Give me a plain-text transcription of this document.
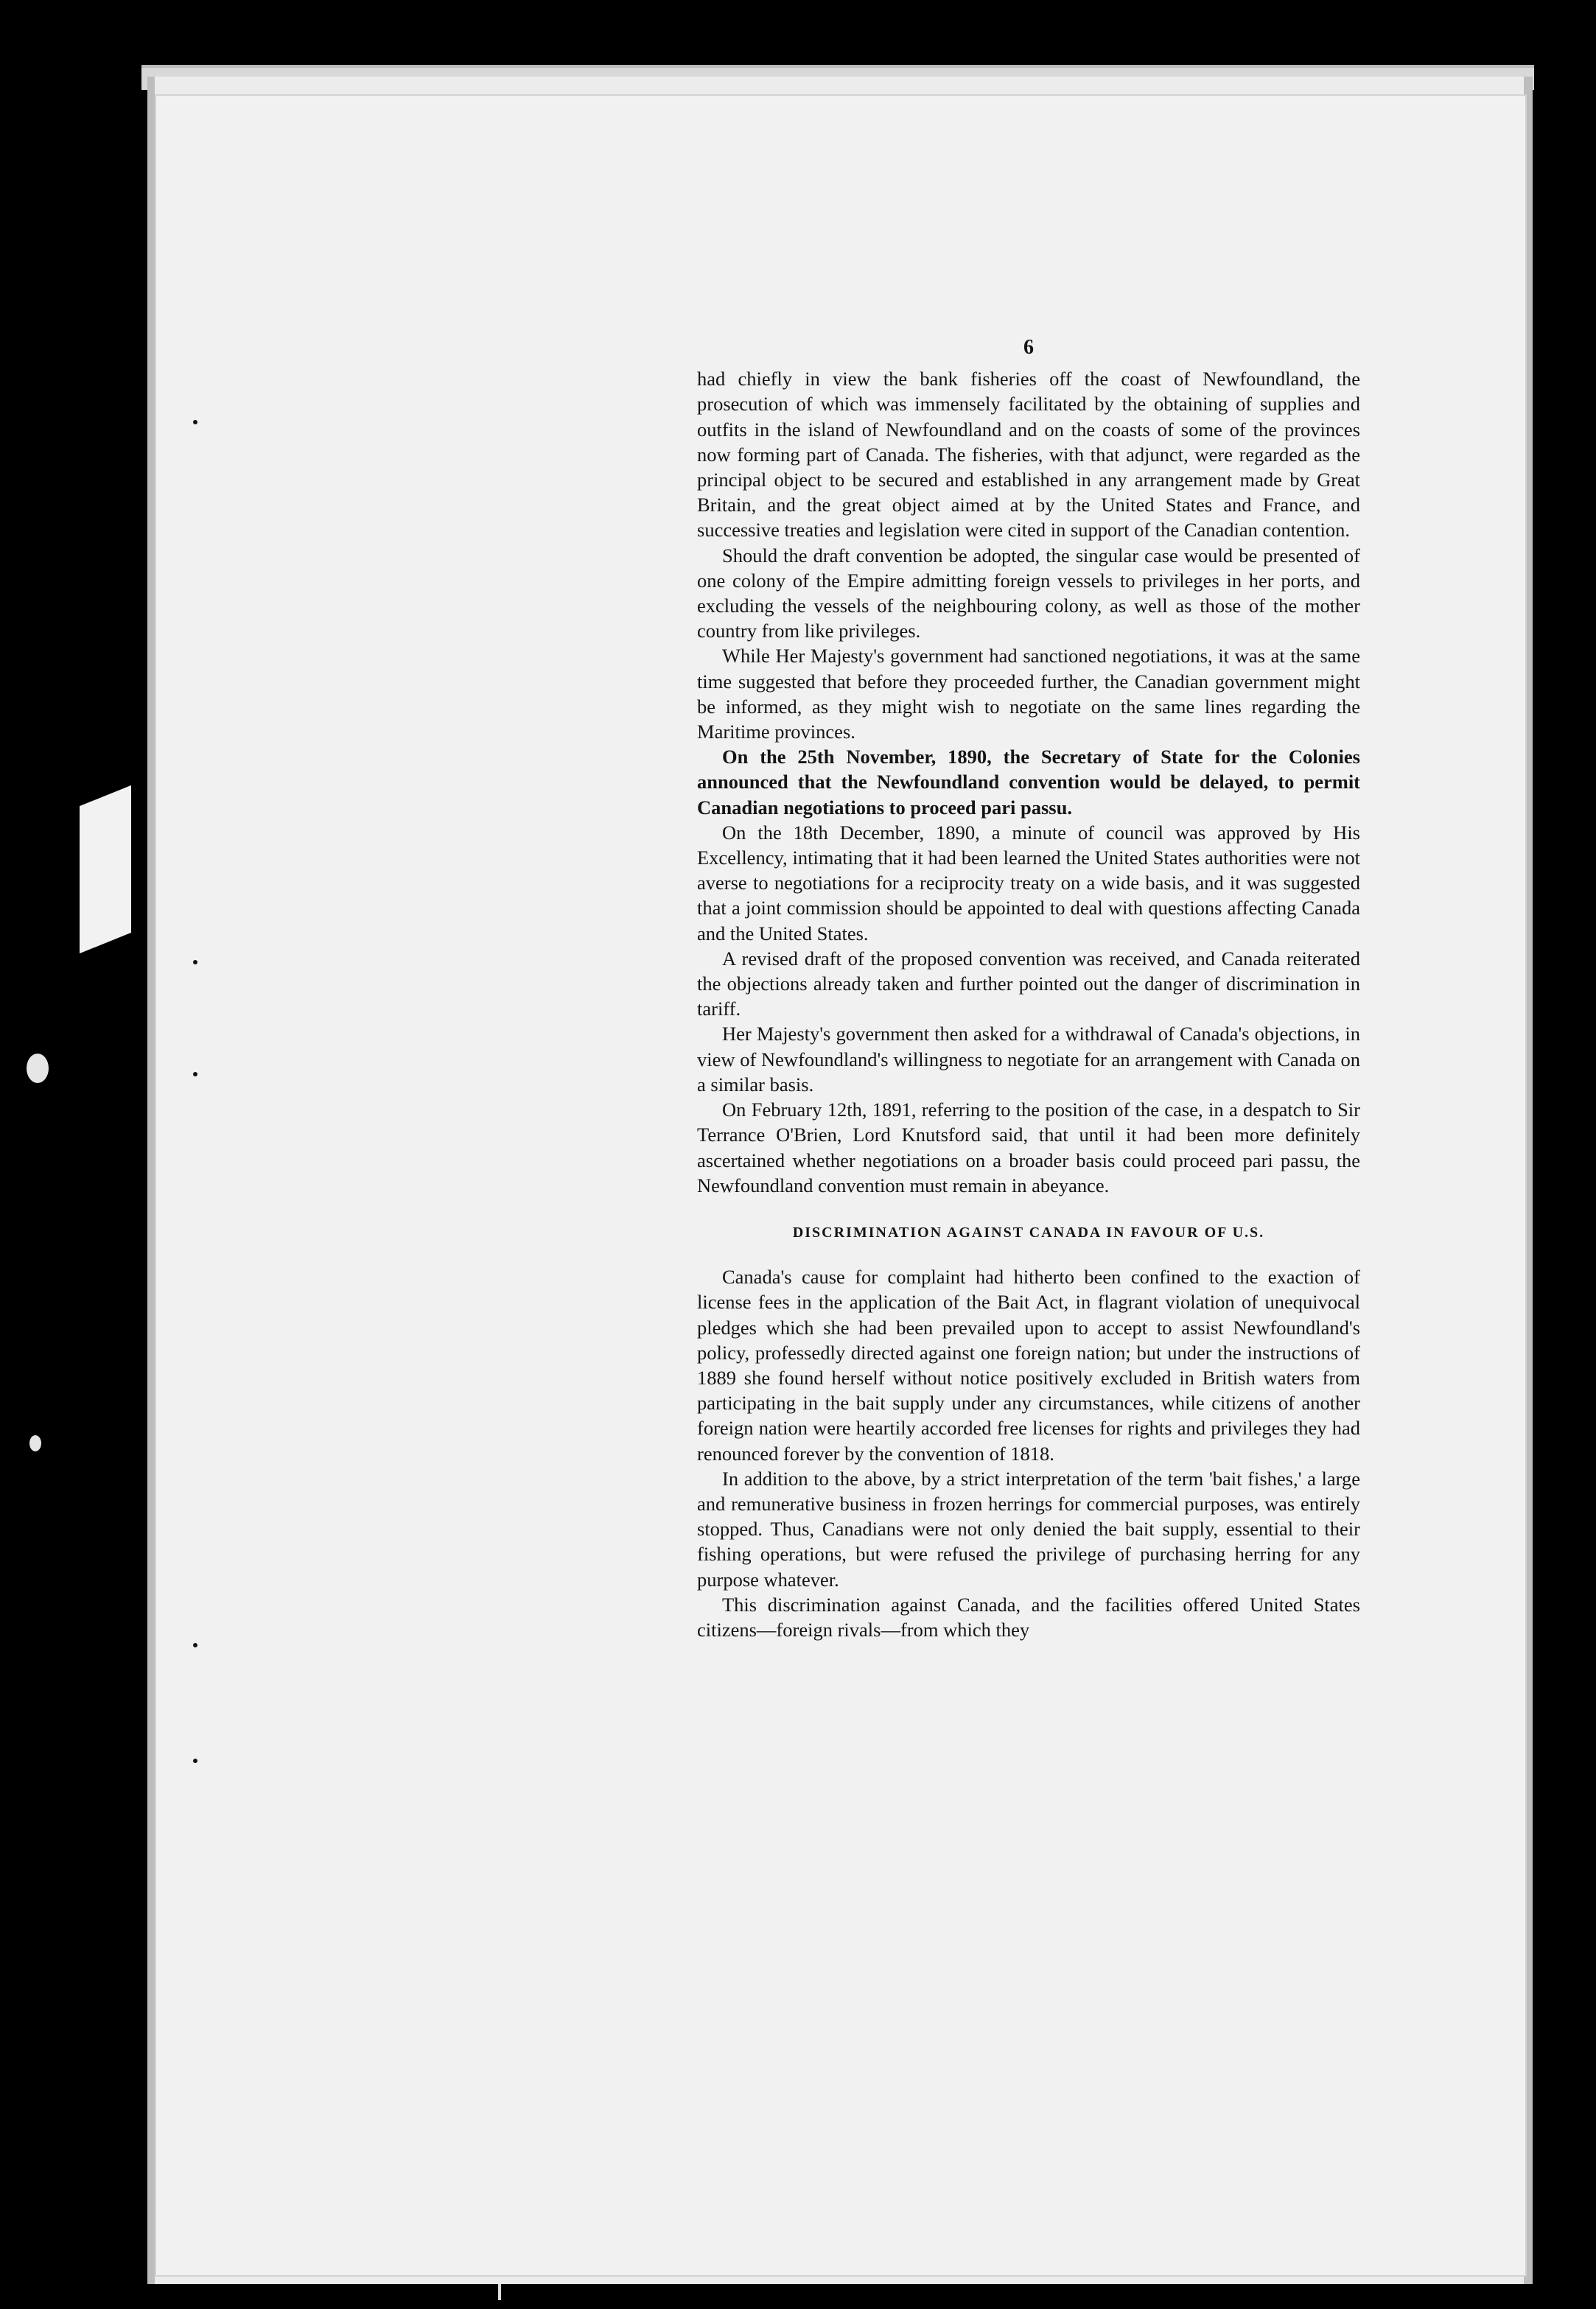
6

had chiefly in view the bank fisheries off the coast of Newfoundland, the prosecution of which was immensely facilitated by the obtaining of supplies and outfits in the island of Newfoundland and on the coasts of some of the provinces now forming part of Canada. The fisheries, with that adjunct, were regarded as the principal object to be secured and established in any arrangement made by Great Britain, and the great object aimed at by the United States and France, and successive treaties and legislation were cited in support of the Canadian contention.

Should the draft convention be adopted, the singular case would be presented of one colony of the Empire admitting foreign vessels to privileges in her ports, and excluding the vessels of the neighbouring colony, as well as those of the mother country from like privileges.

While Her Majesty's government had sanctioned negotiations, it was at the same time suggested that before they proceeded further, the Canadian government might be informed, as they might wish to negotiate on the same lines regarding the Maritime provinces.

On the 25th November, 1890, the Secretary of State for the Colonies announced that the Newfoundland convention would be delayed, to permit Canadian negotiations to proceed pari passu.

On the 18th December, 1890, a minute of council was approved by His Excellency, intimating that it had been learned the United States authorities were not averse to negotiations for a reciprocity treaty on a wide basis, and it was suggested that a joint commission should be appointed to deal with questions affecting Canada and the United States.

A revised draft of the proposed convention was received, and Canada reiterated the objections already taken and further pointed out the danger of discrimination in tariff.

Her Majesty's government then asked for a withdrawal of Canada's objections, in view of Newfoundland's willingness to negotiate for an arrangement with Canada on a similar basis.

On February 12th, 1891, referring to the position of the case, in a despatch to Sir Terrance O'Brien, Lord Knutsford said, that until it had been more definitely ascertained whether negotiations on a broader basis could proceed pari passu, the Newfoundland convention must remain in abeyance.

DISCRIMINATION AGAINST CANADA IN FAVOUR OF U.S.

Canada's cause for complaint had hitherto been confined to the exaction of license fees in the application of the Bait Act, in flagrant violation of unequivocal pledges which she had been prevailed upon to accept to assist Newfoundland's policy, professedly directed against one foreign nation; but under the instructions of 1889 she found herself without notice positively excluded in British waters from participating in the bait supply under any circumstances, while citizens of another foreign nation were heartily accorded free licenses for rights and privileges they had renounced forever by the convention of 1818.

In addition to the above, by a strict interpretation of the term 'bait fishes,' a large and remunerative business in frozen herrings for commercial purposes, was entirely stopped. Thus, Canadians were not only denied the bait supply, essential to their fishing operations, but were refused the privilege of purchasing herring for any purpose whatever.

This discrimination against Canada, and the facilities offered United States citizens—foreign rivals—from which they
